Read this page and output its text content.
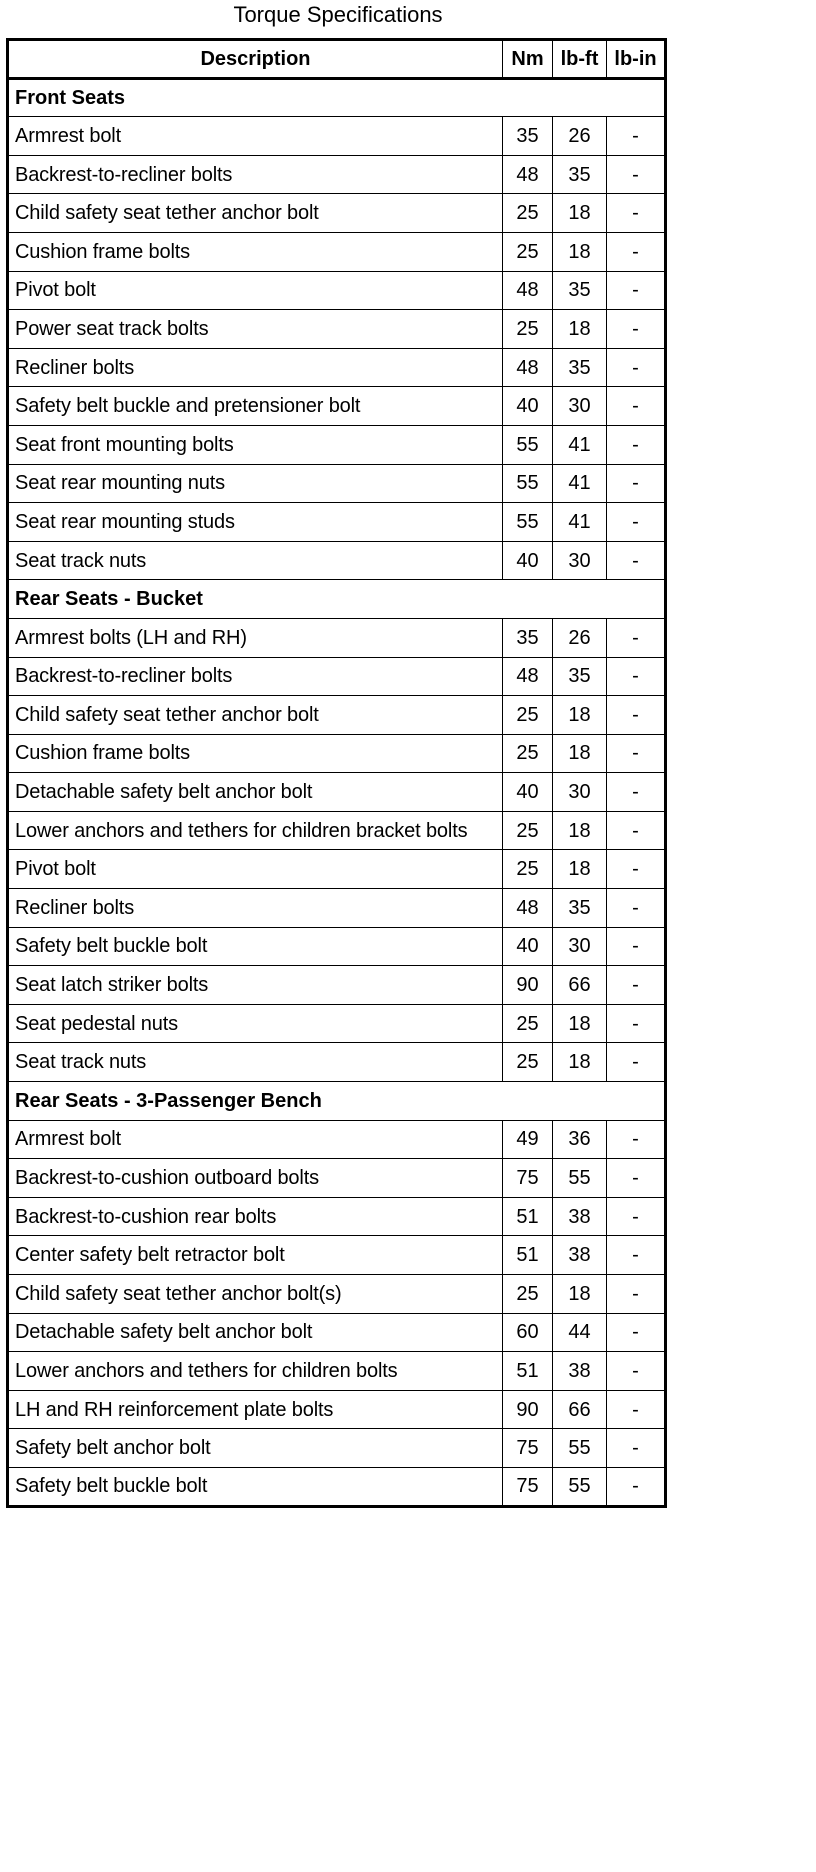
Torque Specifications
Description	Nm	lb-ft	lb-in
Front Seats			
Armrest bolt	35	26	-
Backrest-to-recliner bolts	48	35	-
Child safety seat tether anchor bolt	25	18	-
Cushion frame bolts	25	18	-
Pivot bolt	48	35	-
Power seat track bolts	25	18	-
Recliner bolts	48	35	-
Safety belt buckle and pretensioner bolt	40	30	-
Seat front mounting bolts	55	41	-
Seat rear mounting nuts	55	41	-
Seat rear mounting studs	55	41	-
Seat track nuts	40	30	-
Rear Seats - Bucket			
Armrest bolts (LH and RH)	35	26	-
Backrest-to-recliner bolts	48	35	-
Child safety seat tether anchor bolt	25	18	-
Cushion frame bolts	25	18	-
Detachable safety belt anchor bolt	40	30	-
Lower anchors and tethers for children bracket bolts	25	18	-
Pivot bolt	25	18	-
Recliner bolts	48	35	-
Safety belt buckle bolt	40	30	-
Seat latch striker bolts	90	66	-
Seat pedestal nuts	25	18	-
Seat track nuts	25	18	-
Rear Seats - 3-Passenger Bench			
Armrest bolt	49	36	-
Backrest-to-cushion outboard bolts	75	55	-
Backrest-to-cushion rear bolts	51	38	-
Center safety belt retractor bolt	51	38	-
Child safety seat tether anchor bolt(s)	25	18	-
Detachable safety belt anchor bolt	60	44	-
Lower anchors and tethers for children bolts	51	38	-
LH and RH reinforcement plate bolts	90	66	-
Safety belt anchor bolt	75	55	-
Safety belt buckle bolt	75	55	-
